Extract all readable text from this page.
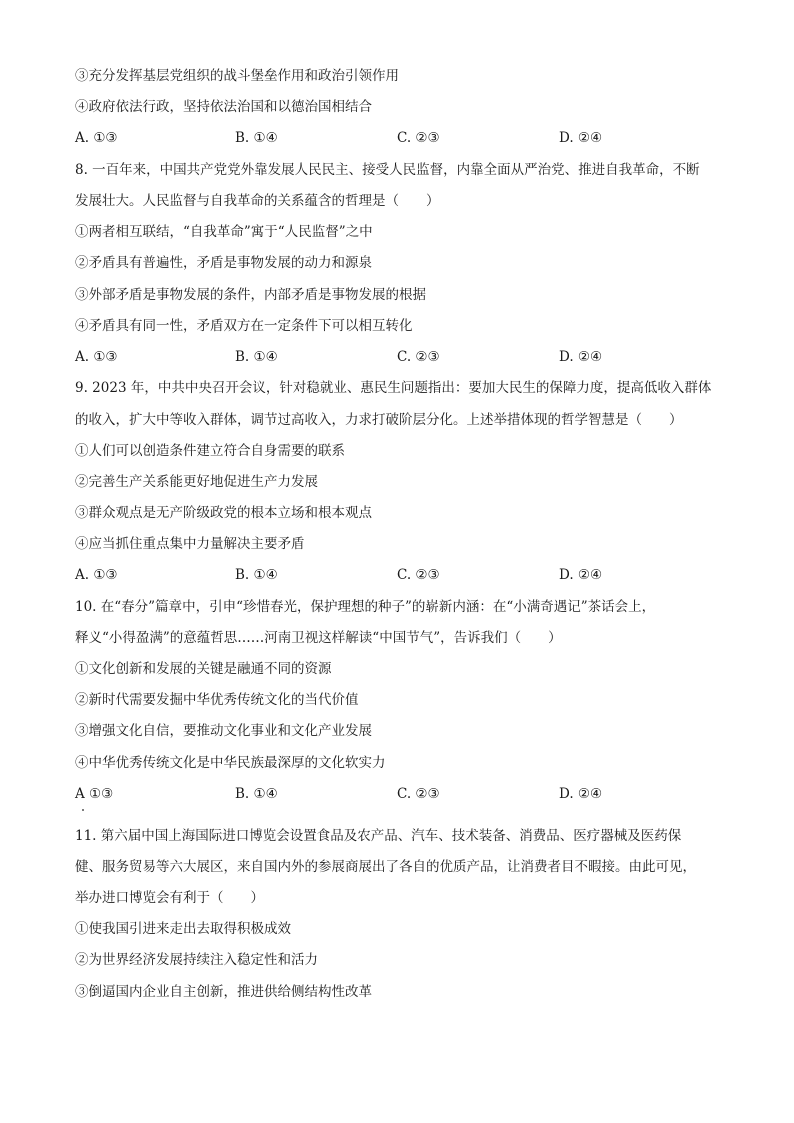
③充分发挥基层党组织的战斗堡垒作用和政治引领作用
④政府依法行政，坚持依法治国和以德治国相结合
A. ①③	B. ①④	C. ②③	D. ②④
8. 一百年来，中国共产党党外靠发展人民民主、接受人民监督，内靠全面从严治党、推进自我革命，不断
发展壮大。人民监督与自我革命的关系蕴含的哲理是（　　）
①两者相互联结，“自我革命”寓于“人民监督”之中
②矛盾具有普遍性，矛盾是事物发展的动力和源泉
③外部矛盾是事物发展的条件，内部矛盾是事物发展的根据
④矛盾具有同一性，矛盾双方在一定条件下可以相互转化
A. ①③	B. ①④	C. ②③	D. ②④
9. 2023 年，中共中央召开会议，针对稳就业、惠民生问题指出：要加大民生的保障力度，提高低收入群体
的收入，扩大中等收入群体，调节过高收入，力求打破阶层分化。上述举措体现的哲学智慧是（　　）
①人们可以创造条件建立符合自身需要的联系
②完善生产关系能更好地促进生产力发展
③群众观点是无产阶级政党的根本立场和根本观点
④应当抓住重点集中力量解决主要矛盾
A. ①③	B. ①④	C. ②③	D. ②④
10. 在“春分”篇章中，引申“珍惜春光，保护理想的种子”的崭新内涵：在“小满奇遇记”茶话会上，
释义“小得盈满”的意蕴哲思……河南卫视这样解读“中国节气”，告诉我们（　　）
①文化创新和发展的关键是融通不同的资源
②新时代需要发掘中华优秀传统文化的当代价值
③增强文化自信，要推动文化事业和文化产业发展
④中华优秀传统文化是中华民族最深厚的文化软实力
A ①③	B. ①④	C. ②③	D. ②④
11. 第六届中国上海国际进口博览会设置食品及农产品、汽车、技术装备、消费品、医疗器械及医药保
健、服务贸易等六大展区，来自国内外的参展商展出了各自的优质产品，让消费者目不暇接。由此可见，
举办进口博览会有利于（　　）
①使我国引进来走出去取得积极成效
②为世界经济发展持续注入稳定性和活力
③倒逼国内企业自主创新，推进供给侧结构性改革
